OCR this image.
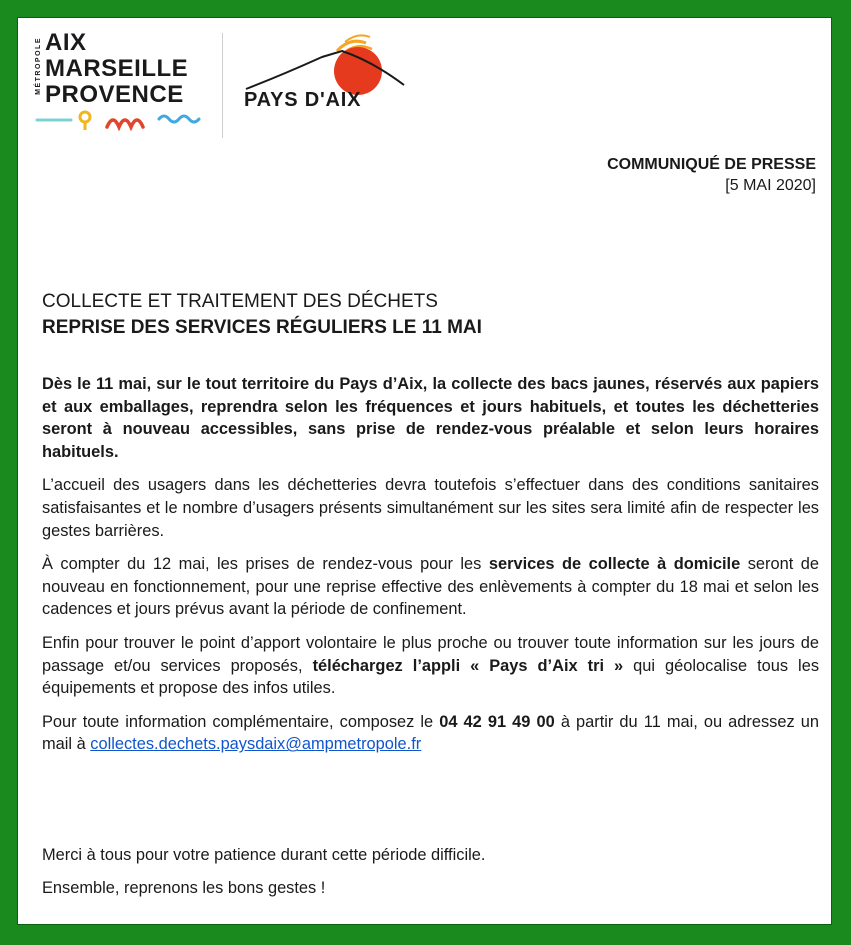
MÉTROPOLE AIX
MARSEILLE
PROVENCE	PAYS D'AIX
COMMUNIQUÉ DE PRESSE
[5 MAI 2020]
COLLECTE ET TRAITEMENT DES DÉCHETS
REPRISE DES SERVICES RÉGULIERS LE 11 MAI

Dès le 11 mai, sur le tout territoire du Pays d’Aix, la collecte des bacs jaunes, réservés aux papiers et aux emballages, reprendra selon les fréquences et jours habituels, et toutes les déchetteries seront à nouveau accessibles, sans prise de rendez-vous préalable et selon leurs horaires habituels.

L’accueil des usagers dans les déchetteries devra toutefois s’effectuer dans des conditions sanitaires satisfaisantes et le nombre d’usagers présents simultanément sur les sites sera limité afin de respecter les gestes barrières.

À compter du 12 mai, les prises de rendez-vous pour les services de collecte à domicile seront de nouveau en fonctionnement, pour une reprise effective des enlèvements à compter du 18 mai et selon les cadences et jours prévus avant la période de confinement.

Enfin pour trouver le point d’apport volontaire le plus proche ou trouver toute information sur les jours de passage et/ou services proposés, téléchargez l’appli « Pays d’Aix tri » qui géolocalise tous les équipements et propose des infos utiles.

Pour toute information complémentaire, composez le 04 42 91 49 00 à partir du 11 mai, ou adressez un mail à collectes.dechets.paysdaix@ampmetropole.fr

Merci à tous pour votre patience durant cette période difficile.

Ensemble, reprenons les bons gestes !
